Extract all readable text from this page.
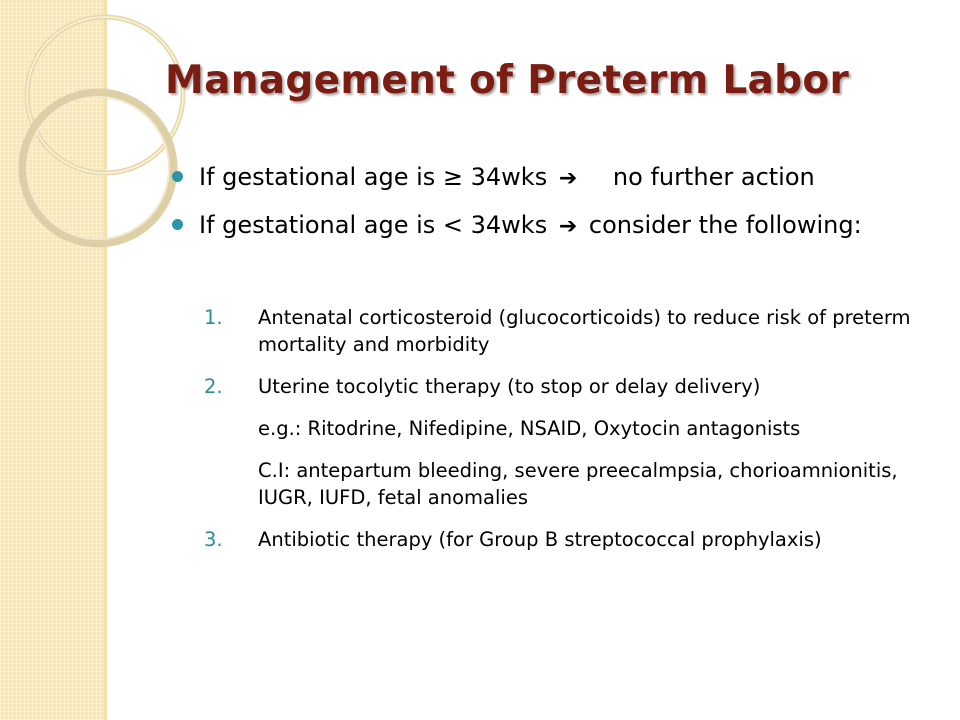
Management of Preterm Labor
If gestational age is ≥ 34wks ➔ no further action
If gestational age is < 34wks ➔ consider the following:
1. Antenatal corticosteroid (glucocorticoids) to reduce risk of preterm mortality and morbidity
2. Uterine tocolytic therapy (to stop or delay delivery)
e.g.: Ritodrine, Nifedipine, NSAID, Oxytocin antagonists
C.I: antepartum bleeding, severe preecalmpsia, chorioamnionitis, IUGR, IUFD, fetal anomalies
3. Antibiotic therapy (for Group B streptococcal prophylaxis)
